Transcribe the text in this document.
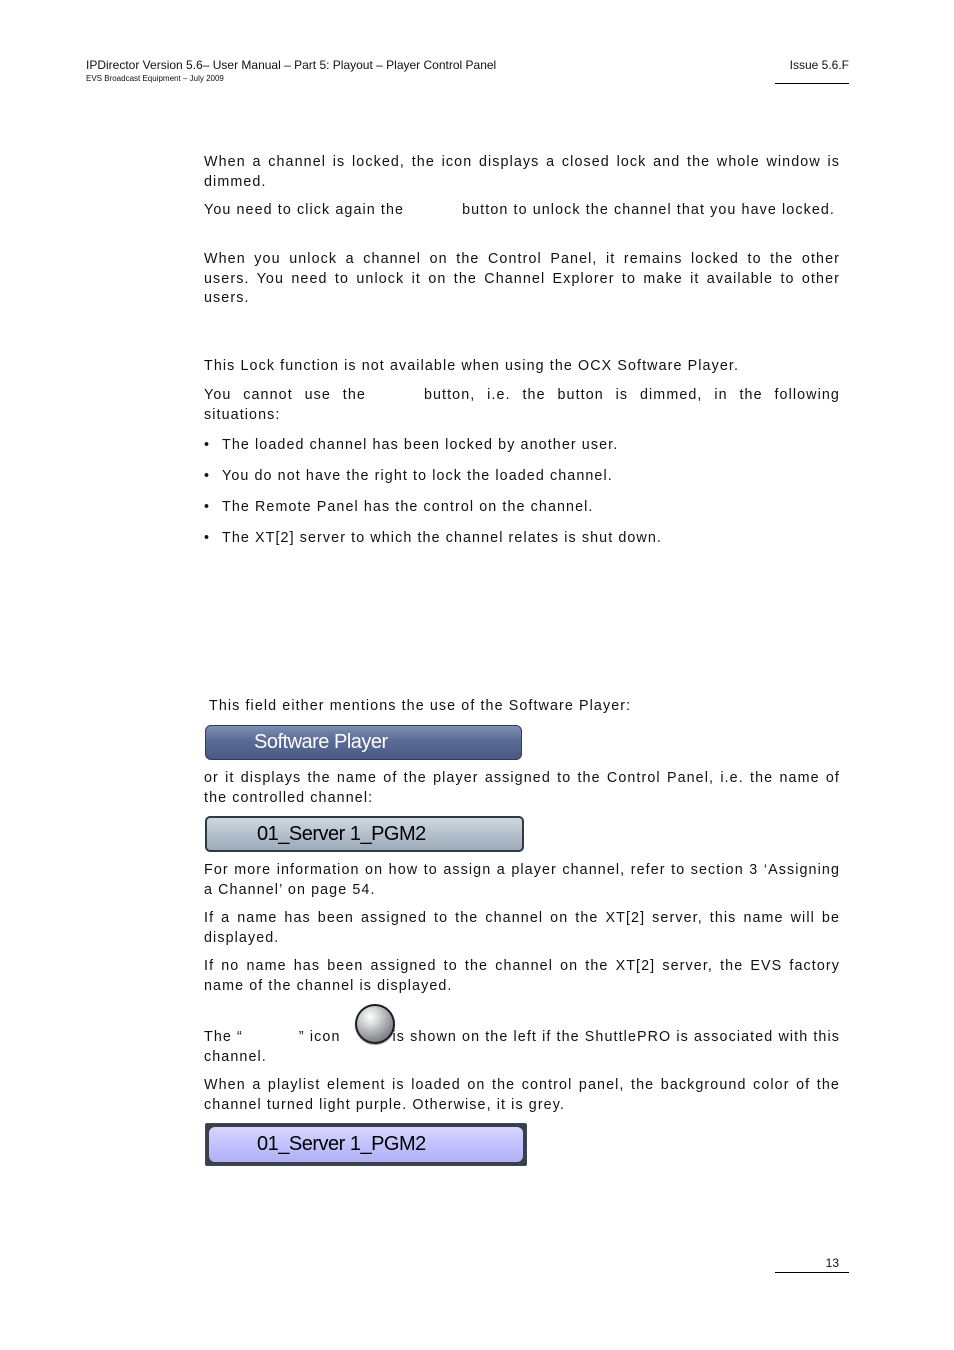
IPDirector Version 5.6– User Manual – Part 5: Playout – Player Control Panel
EVS Broadcast Equipment – July 2009
Issue 5.6.F

When a channel is locked, the icon displays a closed lock and the whole window is dimmed.

You need to click again the	button to unlock the channel that you have locked.

When you unlock a channel on the Control Panel, it remains locked to the other users. You need to unlock it on the Channel Explorer to make it available to other users.

This Lock function is not available when using the OCX Software Player.

You cannot use the	button, i.e. the button is dimmed, in the following situations:

• The loaded channel has been locked by another user.
• You do not have the right to lock the loaded channel.
• The Remote Panel has the control on the channel.
• The XT[2] server to which the channel relates is shut down.

This field either mentions the use of the Software Player:

Software Player

or it displays the name of the player assigned to the Control Panel, i.e. the name of the controlled channel:

01_Server 1_PGM2

For more information on how to assign a player channel, refer to section 3 ‘Assigning a Channel’ on page 54.

If a name has been assigned to the channel on the XT[2] server, this name will be displayed.

If no name has been assigned to the channel on the XT[2] server, the EVS factory name of the channel is displayed.

The “	” icon	is shown on the left if the ShuttlePRO is associated with this channel.

When a playlist element is loaded on the control panel, the background color of the channel turned light purple. Otherwise, it is grey.

01_Server 1_PGM2
13
